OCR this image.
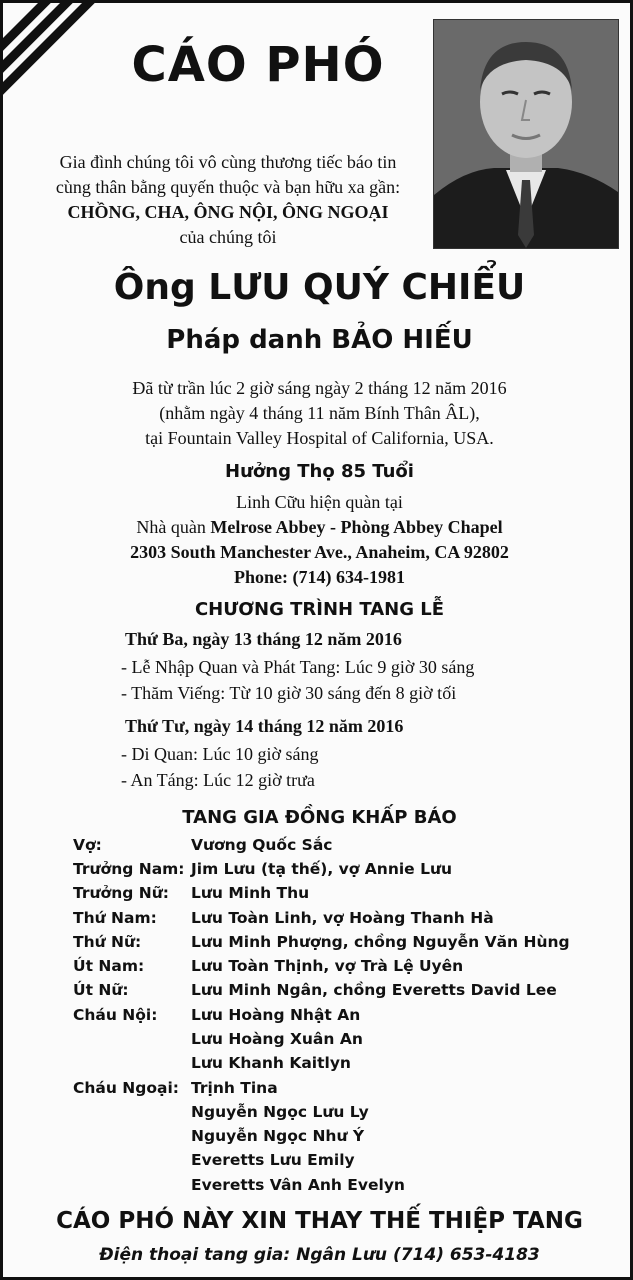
CÁO PHÓ
Gia đình chúng tôi vô cùng thương tiếc báo tin
cùng thân bằng quyến thuộc và bạn hữu xa gần:
CHỒNG, CHA, ÔNG NỘI, ÔNG NGOẠI
của chúng tôi
Ông LƯU QUÝ CHIỂU
Pháp danh BẢO HIẾU
Đã từ trần lúc 2 giờ sáng ngày 2 tháng 12 năm 2016
(nhằm ngày 4 tháng 11 năm Bính Thân ÂL),
tại Fountain Valley Hospital of California, USA.
Hưởng Thọ 85 Tuổi
Linh Cữu hiện quàn tại
Nhà quàn Melrose Abbey - Phòng Abbey Chapel
2303 South Manchester Ave., Anaheim, CA 92802
Phone: (714) 634-1981
CHƯƠNG TRÌNH TANG LỄ
Thứ Ba, ngày 13 tháng 12 năm 2016
- Lễ Nhập Quan và Phát Tang: Lúc 9 giờ 30 sáng
- Thăm Viếng: Từ 10 giờ 30 sáng đến 8 giờ tối
Thứ Tư, ngày 14 tháng 12 năm 2016
- Di Quan: Lúc 10 giờ sáng
- An Táng: Lúc 12 giờ trưa
TANG GIA ĐỒNG KHẤP BÁO
Vợ:	Vương Quốc Sắc
Trưởng Nam: Jim Lưu (tạ thế), vợ Annie Lưu
Trưởng Nữ: Lưu Minh Thu
Thứ Nam: Lưu Toàn Linh, vợ Hoàng Thanh Hà
Thứ Nữ:	Lưu Minh Phượng, chồng Nguyễn Văn Hùng
Út Nam:	Lưu Toàn Thịnh, vợ Trà Lệ Uyên
Út Nữ:	Lưu Minh Ngân, chồng Everetts David Lee
Cháu Nội: Lưu Hoàng Nhật An
Lưu Hoàng Xuân An
Lưu Khanh Kaitlyn
Cháu Ngoại: Trịnh Tina
Nguyễn Ngọc Lưu Ly
Nguyễn Ngọc Như Ý
Everetts Lưu Emily
Everetts Vân Anh Evelyn
CÁO PHÓ NÀY XIN THAY THẾ THIỆP TANG
Điện thoại tang gia: Ngân Lưu (714) 653-4183
